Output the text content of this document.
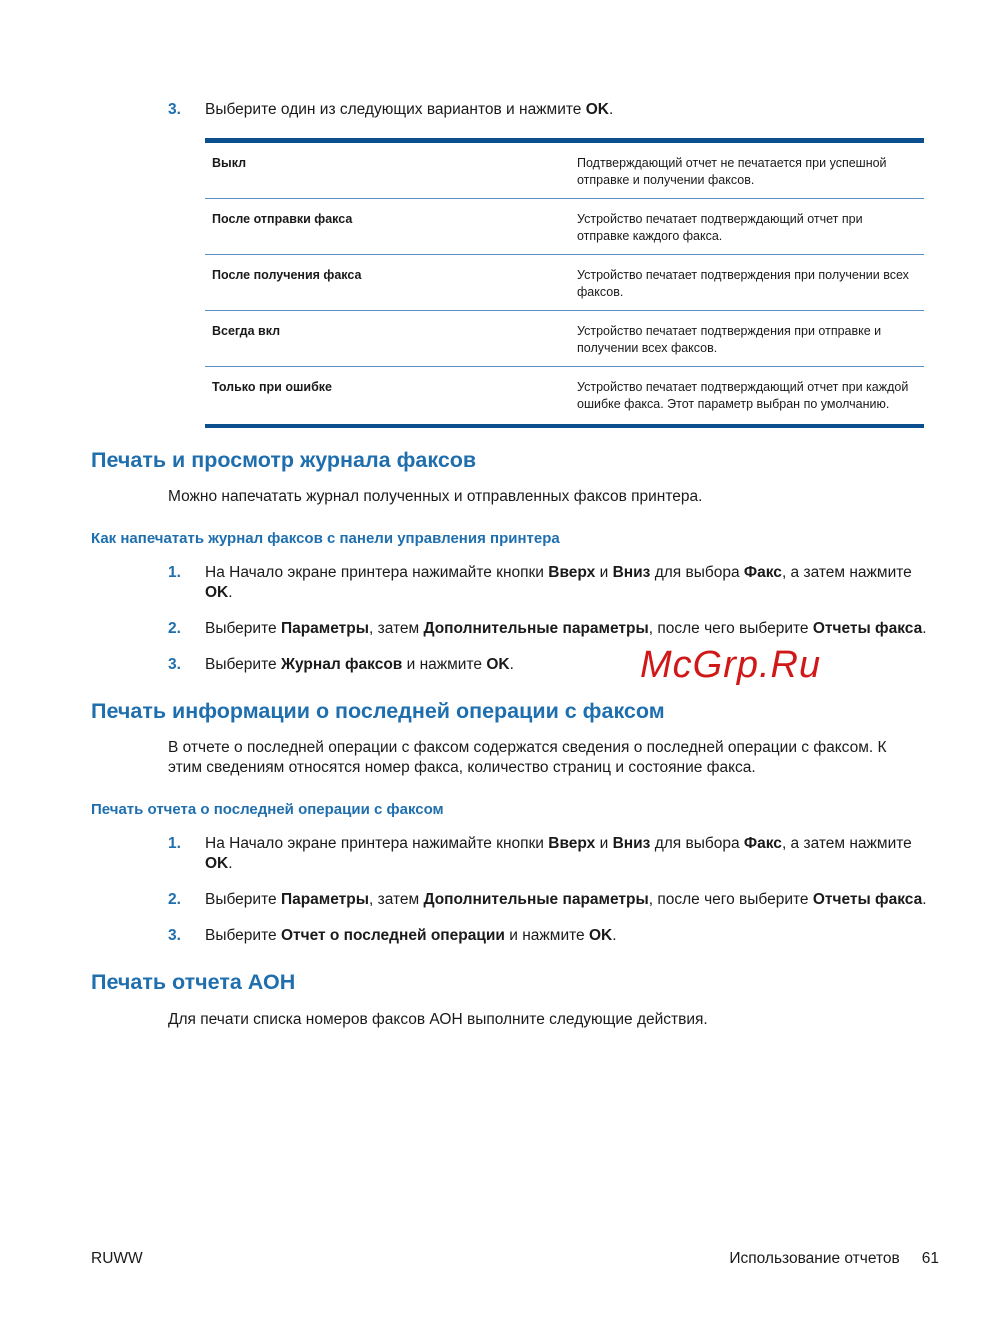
3. Выберите один из следующих вариантов и нажмите OK.
Выкл	Подтверждающий отчет не печатается при успешной отправке и получении факсов.
После отправки факса	Устройство печатает подтверждающий отчет при отправке каждого факса.
После получения факса	Устройство печатает подтверждения при получении всех факсов.
Всегда вкл	Устройство печатает подтверждения при отправке и получении всех факсов.
Только при ошибке	Устройство печатает подтверждающий отчет при каждой ошибке факса. Этот параметр выбран по умолчанию.
Печать и просмотр журнала факсов
Можно напечатать журнал полученных и отправленных факсов принтера.
Как напечатать журнал факсов с панели управления принтера
1. На Начало экране принтера нажимайте кнопки Вверх и Вниз для выбора Факс, а затем нажмите OK.
2. Выберите Параметры, затем Дополнительные параметры, после чего выберите Отчеты факса.
3. Выберите Журнал факсов и нажмите OK.	McGrp.Ru
Печать информации о последней операции с факсом
В отчете о последней операции с факсом содержатся сведения о последней операции с факсом. К этим сведениям относятся номер факса, количество страниц и состояние факса.
Печать отчета о последней операции с факсом
1. На Начало экране принтера нажимайте кнопки Вверх и Вниз для выбора Факс, а затем нажмите OK.
2. Выберите Параметры, затем Дополнительные параметры, после чего выберите Отчеты факса.
3. Выберите Отчет о последней операции и нажмите OK.
Печать отчета АОН
Для печати списка номеров факсов АОН выполните следующие действия.
RUWW	Использование отчетов 61
